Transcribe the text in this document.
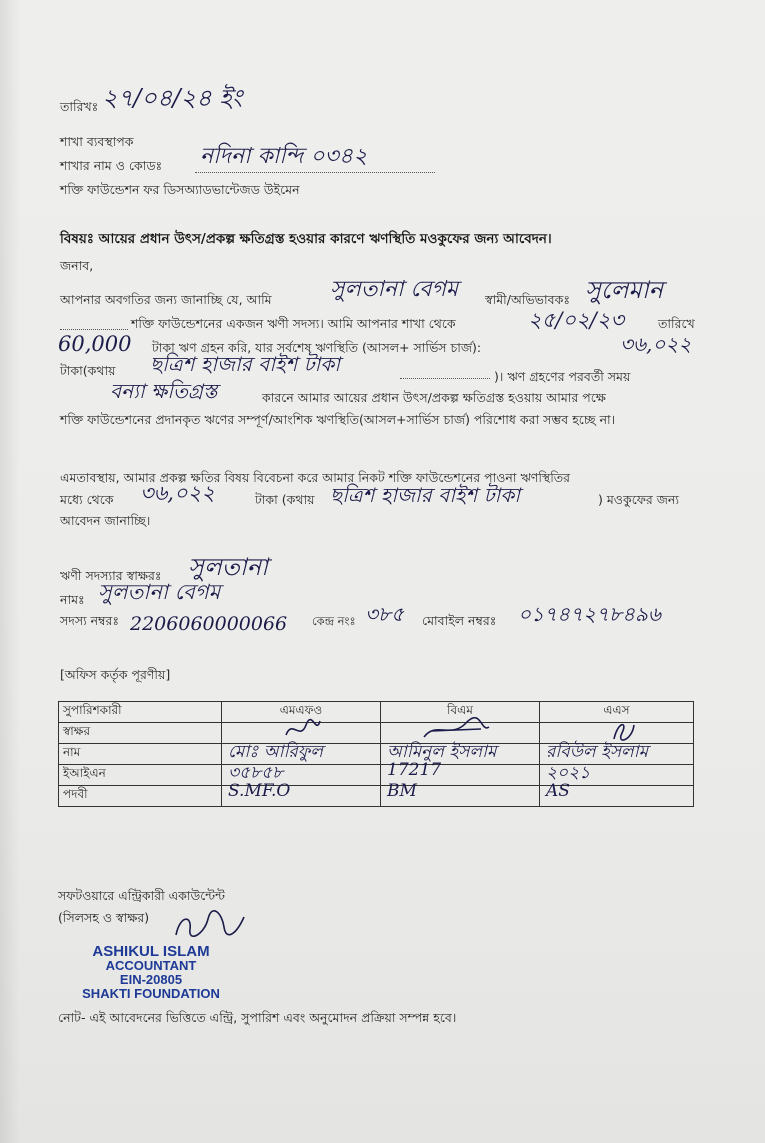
তারিখঃ ২৭/০৪/২৪ ইং
শাখা ব্যবস্থাপক
শাখার নাম ও কোডঃ নদিনা কান্দি ০৩৪২
শক্তি ফাউন্ডেশন ফর ডিসঅ্যাডভান্টেজড উইমেন
বিষয়ঃ আয়ের প্রধান উৎস/প্রকল্প ক্ষতিগ্রস্ত হওয়ার কারণে ঋণস্থিতি মওকুফের জন্য আবেদন।
জনাব,
আপনার অবগতির জন্য জানাচ্ছি যে, আমি	সুলতানা বেগম স্বামী/অভিভাবকঃ সুলেমান
শক্তি ফাউন্ডেশনের একজন ঋণী সদস্য। আমি আপনার শাখা থেকে	২৫/০২/২৩	তারিখে
60,000 টাকা ঋণ গ্রহন করি, যার সর্বশেষ ঋণস্থিতি (আসল+ সার্ভিস চার্জ):	৩৬,০২২
টাকা(কথায় ছত্রিশ হাজার বাইশ টাকা
)। ঋণ গ্রহণের পরবর্তী সময়
বন্যা ক্ষতিগ্রস্ত	কারনে আমার আয়ের প্রধান উৎস/প্রকল্প ক্ষতিগ্রস্ত হওয়ায় আমার পক্ষে
শক্তি ফাউন্ডেশনের প্রদানকৃত ঋণের সম্পূর্ণ/আংশিক ঋণস্থিতি(আসল+সার্ভিস চার্জ) পরিশোধ করা সম্ভব হচ্ছে না।
এমতাবস্থায়, আমার প্রকল্প ক্ষতির বিষয় বিবেচনা করে আমার নিকট শক্তি ফাউন্ডেশনের পাওনা ঋণস্থিতির
মধ্যে থেকে ৩৬,০২২	টাকা (কথায় ছত্রিশ হাজার বাইশ টাকা	) মওকুফের জন্য
আবেদন জানাচ্ছি।
ঋণী সদস্যার স্বাক্ষরঃ সুলতানা
নামঃ সুলতানা বেগম
সদস্য নম্বরঃ 2206060000066 কেন্দ্র নংঃ ৩৮৫ মোবাইল নম্বরঃ ০১৭৪৭২৭৮৪৯৬
[অফিস কর্তৃক পূরণীয়]
সুপারিশকারী	এমএফও	বিএম	এএস
স্বাক্ষর	

নাম	মোঃ আরিফুল	আমিনুল ইসলাম	রবিউল ইসলাম

ইআইএন	৩৫৮৫৮	17217	২০২১

পদবী	S.MF.O	BM	AS
সফটওয়ারে এন্ট্রিকারী একাউন্টেন্ট
(সিলসহ ও স্বাক্ষর)
ASHIKUL ISLAM
ACCOUNTANT
EIN-20805
SHAKTI FOUNDATION
নোট- এই আবেদনের ভিত্তিতে এন্ট্রি, সুপারিশ এবং অনুমোদন প্রক্রিয়া সম্পন্ন হবে।
